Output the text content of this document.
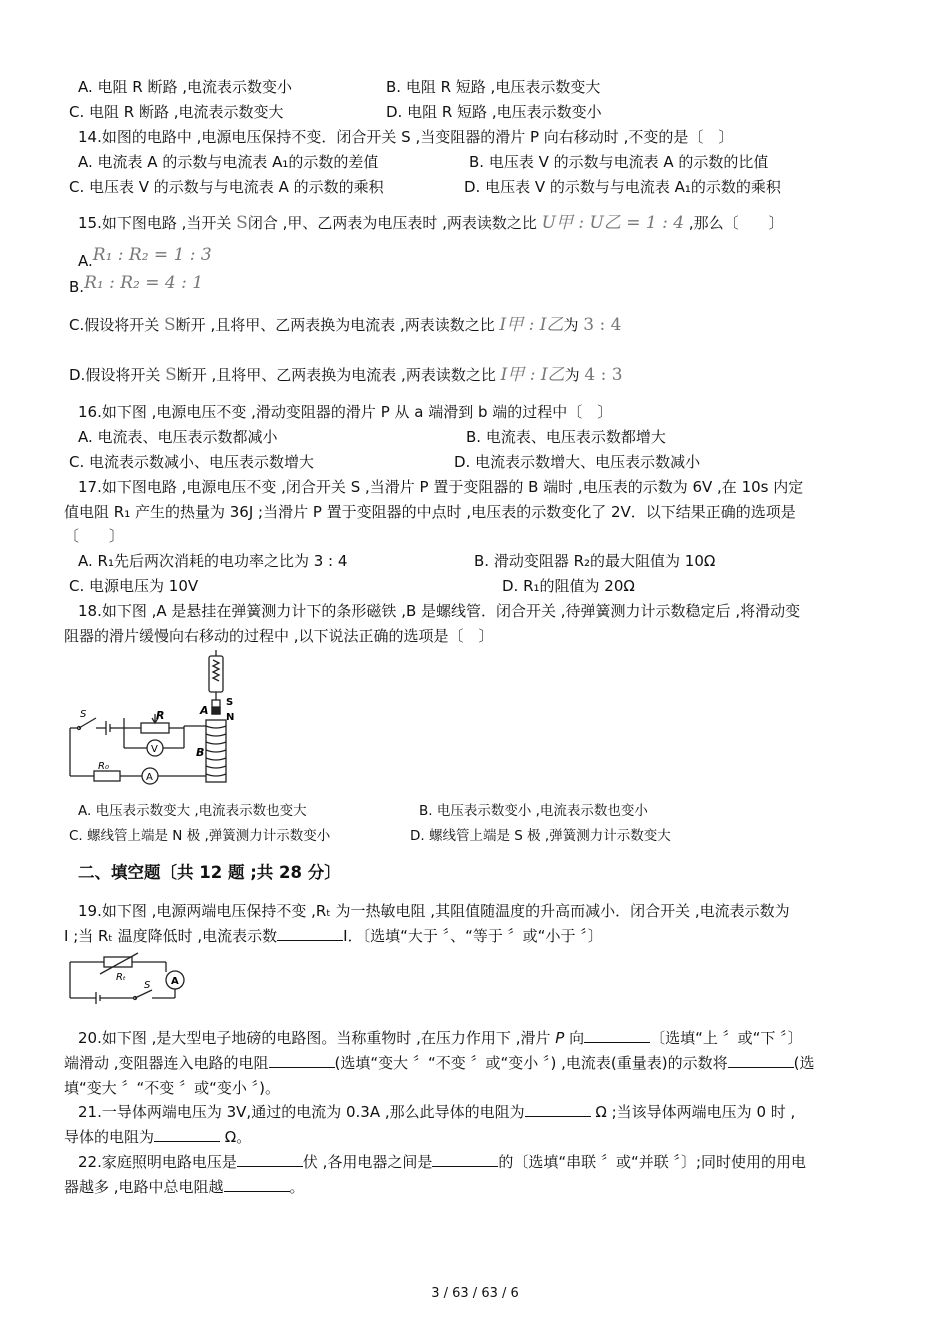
A. 电阻 R 断路 ,电流表示数变小	B. 电阻 R 短路 ,电压表示数变大
C. 电阻 R 断路 ,电流表示数变大	D. 电阻 R 短路 ,电压表示数变小
14.如图的电路中 ,电源电压保持不变．闭合开关 S ,当变阻器的滑片 P 向右移动时 ,不变的是〔　〕
A. 电流表 A 的示数与电流表 A₁的示数的差值	B. 电压表 V 的示数与电流表 A 的示数的比值
C. 电压表 V 的示数与与电流表 A 的示数的乘积	D. 电压表 V 的示数与与电流表 A₁的示数的乘积
15.如下图电路 ,当开关 S闭合 ,甲、乙两表为电压表时 ,两表读数之比 U甲 : U乙 = 1 : 4 ,那么〔　　〕
A.R₁ : R₂ = 1 : 3
B.R₁ : R₂ = 4 : 1
C.假设将开关 S断开 ,且将甲、乙两表换为电流表 ,两表读数之比 I甲 : I乙为 3 : 4
D.假设将开关 S断开 ,且将甲、乙两表换为电流表 ,两表读数之比 I甲 : I乙为 4 : 3
16.如下图 ,电源电压不变 ,滑动变阻器的滑片 P 从 a 端滑到 b 端的过程中〔　〕
A. 电流表、电压表示数都减小	B. 电流表、电压表示数都增大
C. 电流表示数减小、电压表示数增大	D. 电流表示数增大、电压表示数减小
17.如下图电路 ,电源电压不变 ,闭合开关 S ,当滑片 P 置于变阻器的 B 端时 ,电压表的示数为 6V ,在 10s 内定
值电阻 R₁ 产生的热量为 36J ;当滑片 P 置于变阻器的中点时 ,电压表的示数变化了 2V．以下结果正确的选项是
〔　　〕
A. R₁先后两次消耗的电功率之比为 3 : 4	B. 滑动变阻器 R₂的最大阻值为 10Ω
C. 电源电压为 10V	D. R₁的阻值为 20Ω
18.如下图 ,A 是悬挂在弹簧测力计下的条形磁铁 ,B 是螺线管．闭合开关 ,待弹簧测力计示数稳定后 ,将滑动变
阻器的滑片缓慢向右移动的过程中 ,以下说法正确的选项是〔　〕
S	R
V
R₀
A
A
B
S
N
A. 电压表示数变大 ,电流表示数也变大	B. 电压表示数变小 ,电流表示数也变小
C. 螺线管上端是 N 极 ,弹簧测力计示数变小	D. 螺线管上端是 S 极 ,弹簧测力计示数变大
二、填空题〔共 12 题 ;共 28 分〕
19.如下图 ,电源两端电压保持不变 ,Rₜ 为一热敏电阻 ,其阻值随温度的升高而减小．闭合开关 ,电流表示数为
I ;当 Rₜ 温度降低时 ,电流表示数	I．〔选填“大于 〞、“等于 〞或“小于 〞〕
Rₜ
S A
20.如下图 ,是大型电子地磅的电路图。当称重物时 ,在压力作用下 ,滑片 P 向	〔选填“上 〞或“下 〞〕
端滑动 ,变阻器连入电路的电阻	(选填“变大 〞“不变 〞或“变小 〞) ,电流表(重量表)的示数将	(选
填“变大 〞“不变 〞或“变小 〞)。
21.一导体两端电压为 3V,通过的电流为 0.3A ,那么此导体的电阻为	Ω ;当该导体两端电压为 0 时 ,
导体的电阻为	Ω。
22.家庭照明电路电压是	伏 ,各用电器之间是	的〔选填“串联 〞或“并联 〞〕;同时使用的用电
器越多 ,电路中总电阻越	。
3 / 63 / 63 / 6
